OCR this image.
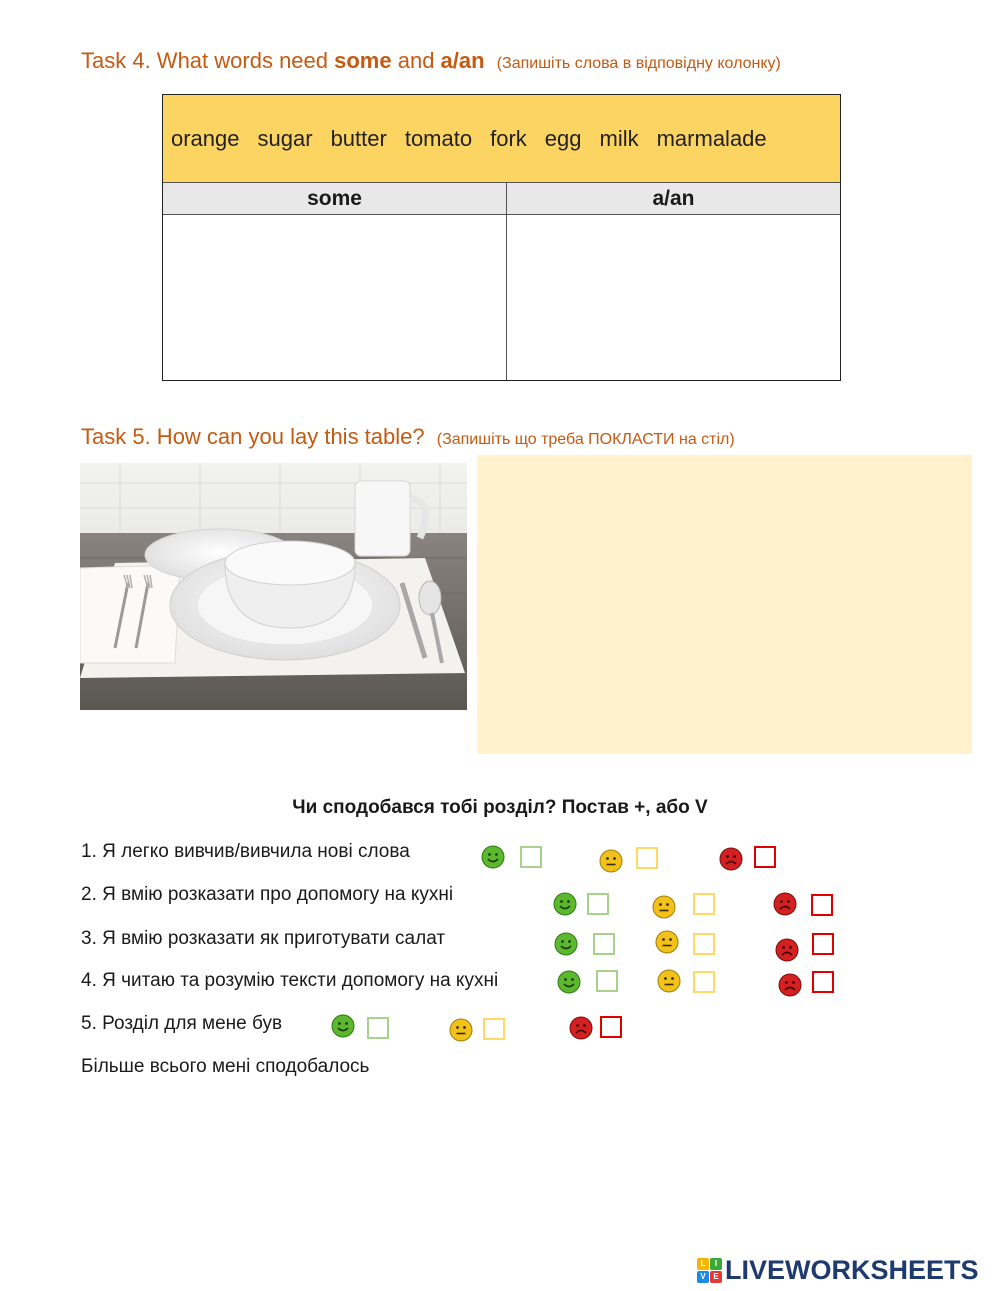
Task 4. What words need some and a/an (Запишіть слова в відповідну колонку)
orange sugar butter tomato fork egg milk marmalade
some	a/an
Task 5. How can you lay this table? (Запишіть що треба ПОКЛАСТИ на стіл)
Чи сподобався тобі розділ? Постав +, або V
1. Я легко вивчив/вивчила нові слова
2. Я вмію розказати про допомогу на кухні
3. Я вмію розказати як приготувати салат
4. Я читаю та розумію тексти допомогу на кухні
5. Розділ для мене був
Більше всього мені сподобалось
L	I
V E LIVEWORKSHEETS
